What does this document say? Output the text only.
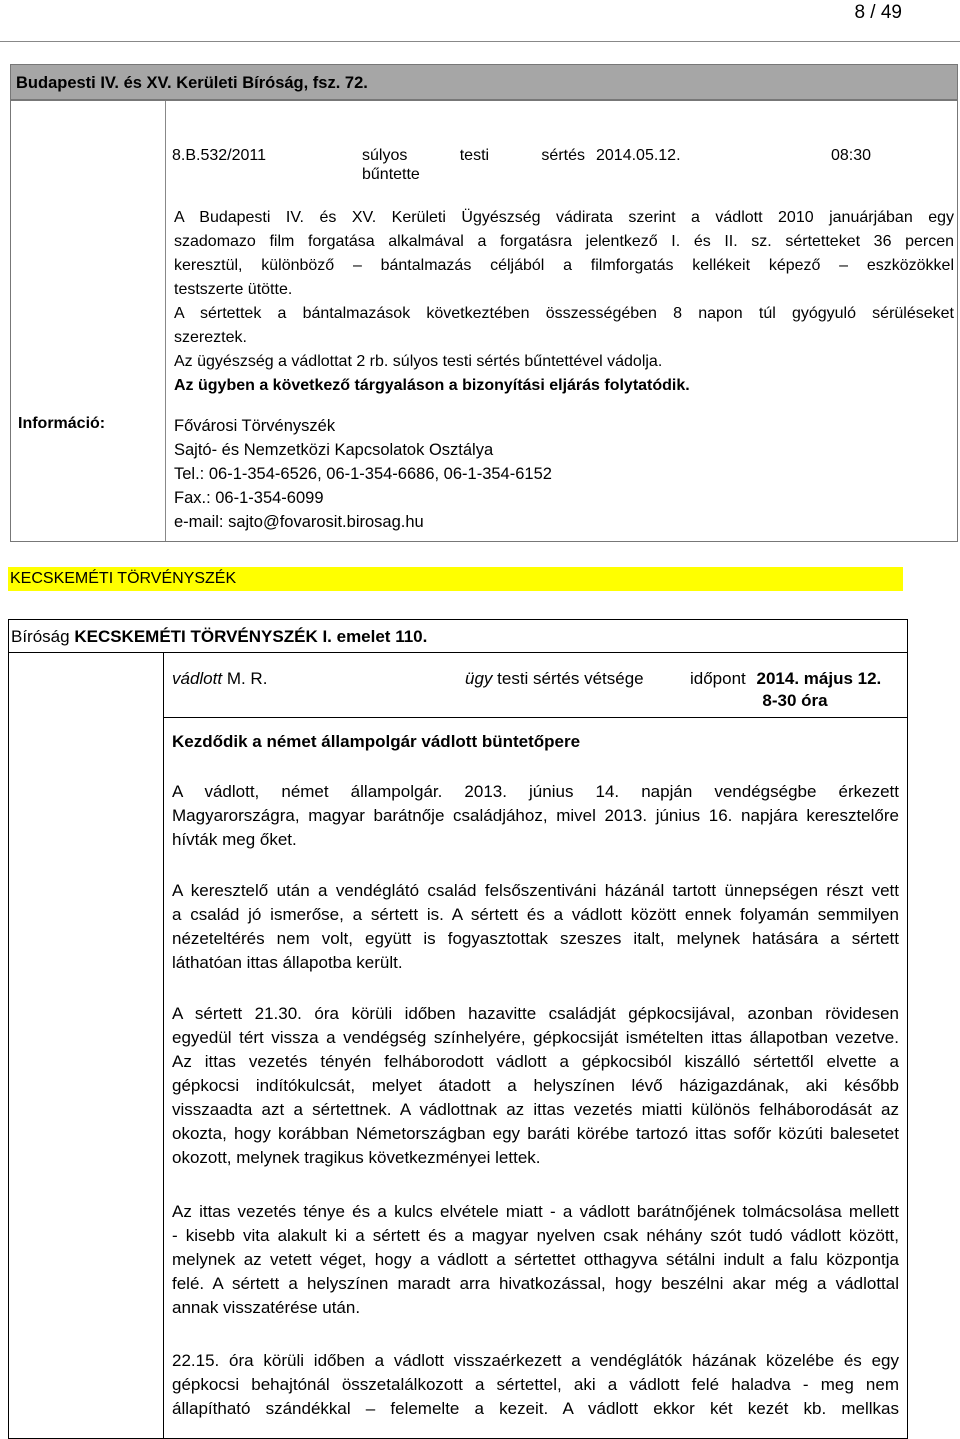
8 / 49
Budapesti IV. és XV. Kerületi Bíróság, fsz. 72.
8.B.532/2011	súlyos testi sértés
bűntette
2014.05.12.	08:30
Információ:
A Budapesti IV. és XV. Kerületi Ügyészség vádirata szerint a vádlott 2010 januárjában egy
szadomazo film forgatása alkalmával a forgatásra jelentkező I. és II. sz. sértetteket 36 percen
keresztül, különböző – bántalmazás céljából a filmforgatás kellékeit képező – eszközökkel
testszerte ütötte.
A sértettek a bántalmazások következtében összességében 8 napon túl gyógyuló sérüléseket
szereztek.
Az ügyészség a vádlottat 2 rb. súlyos testi sértés bűntettével vádolja.
Az ügyben a következő tárgyaláson a bizonyítási eljárás folytatódik.
Fővárosi Törvényszék
Sajtó- és Nemzetközi Kapcsolatok Osztálya
Tel.: 06-1-354-6526, 06-1-354-6686, 06-1-354-6152
Fax.: 06-1-354-6099
e-mail: sajto@fovarosit.birosag.hu
KECSKEMÉTI TÖRVÉNYSZÉK
Bíróság KECSKEMÉTI TÖRVÉNYSZÉK I. emelet 110.
vádlott M. R.	ügy testi sértés vétsége	időpont 2014. május 12.
8-30 óra
Kezdődik a német állampolgár vádlott büntetőpere
A vádlott, német állampolgár. 2013. június 14. napján vendégségbe érkezett
Magyarországra, magyar barátnője családjához, mivel 2013. június 16. napjára keresztelőre
hívták meg őket.
A keresztelő után a vendéglátó család felsőszentiváni házánál tartott ünnepségen részt vett
a család jó ismerőse, a sértett is. A sértett és a vádlott között ennek folyamán semmilyen
nézeteltérés nem volt, együtt is fogyasztottak szeszes italt, melynek hatására a sértett
láthatóan ittas állapotba került.
A sértett 21.30. óra körüli időben hazavitte családját gépkocsijával, azonban rövidesen
egyedül tért vissza a vendégség színhelyére, gépkocsiját ismételten ittas állapotban vezetve.
Az ittas vezetés tényén felháborodott vádlott a gépkocsiból kiszálló sértettől elvette a
gépkocsi indítókulcsát, melyet átadott a helyszínen lévő házigazdának, aki később
visszaadta azt a sértettnek. A vádlottnak az ittas vezetés miatti különös felháborodását az
okozta, hogy korábban Németországban egy baráti körébe tartozó ittas sofőr közúti balesetet
okozott, melynek tragikus következményei lettek.
Az ittas vezetés ténye és a kulcs elvétele miatt - a vádlott barátnőjének tolmácsolása mellett
- kisebb vita alakult ki a sértett és a magyar nyelven csak néhány szót tudó vádlott között,
melynek az vetett véget, hogy a vádlott a sértettet otthagyva sétálni indult a falu központja
felé. A sértett a helyszínen maradt arra hivatkozással, hogy beszélni akar még a vádlottal
annak visszatérése után.
22.15. óra körüli időben a vádlott visszaérkezett a vendéglátók házának közelébe és egy
gépkocsi behajtónál összetalálkozott a sértettel, aki a vádlott felé haladva - meg nem
állapítható szándékkal – felemelte a kezeit. A vádlott ekkor két kezét kb. mellkas
